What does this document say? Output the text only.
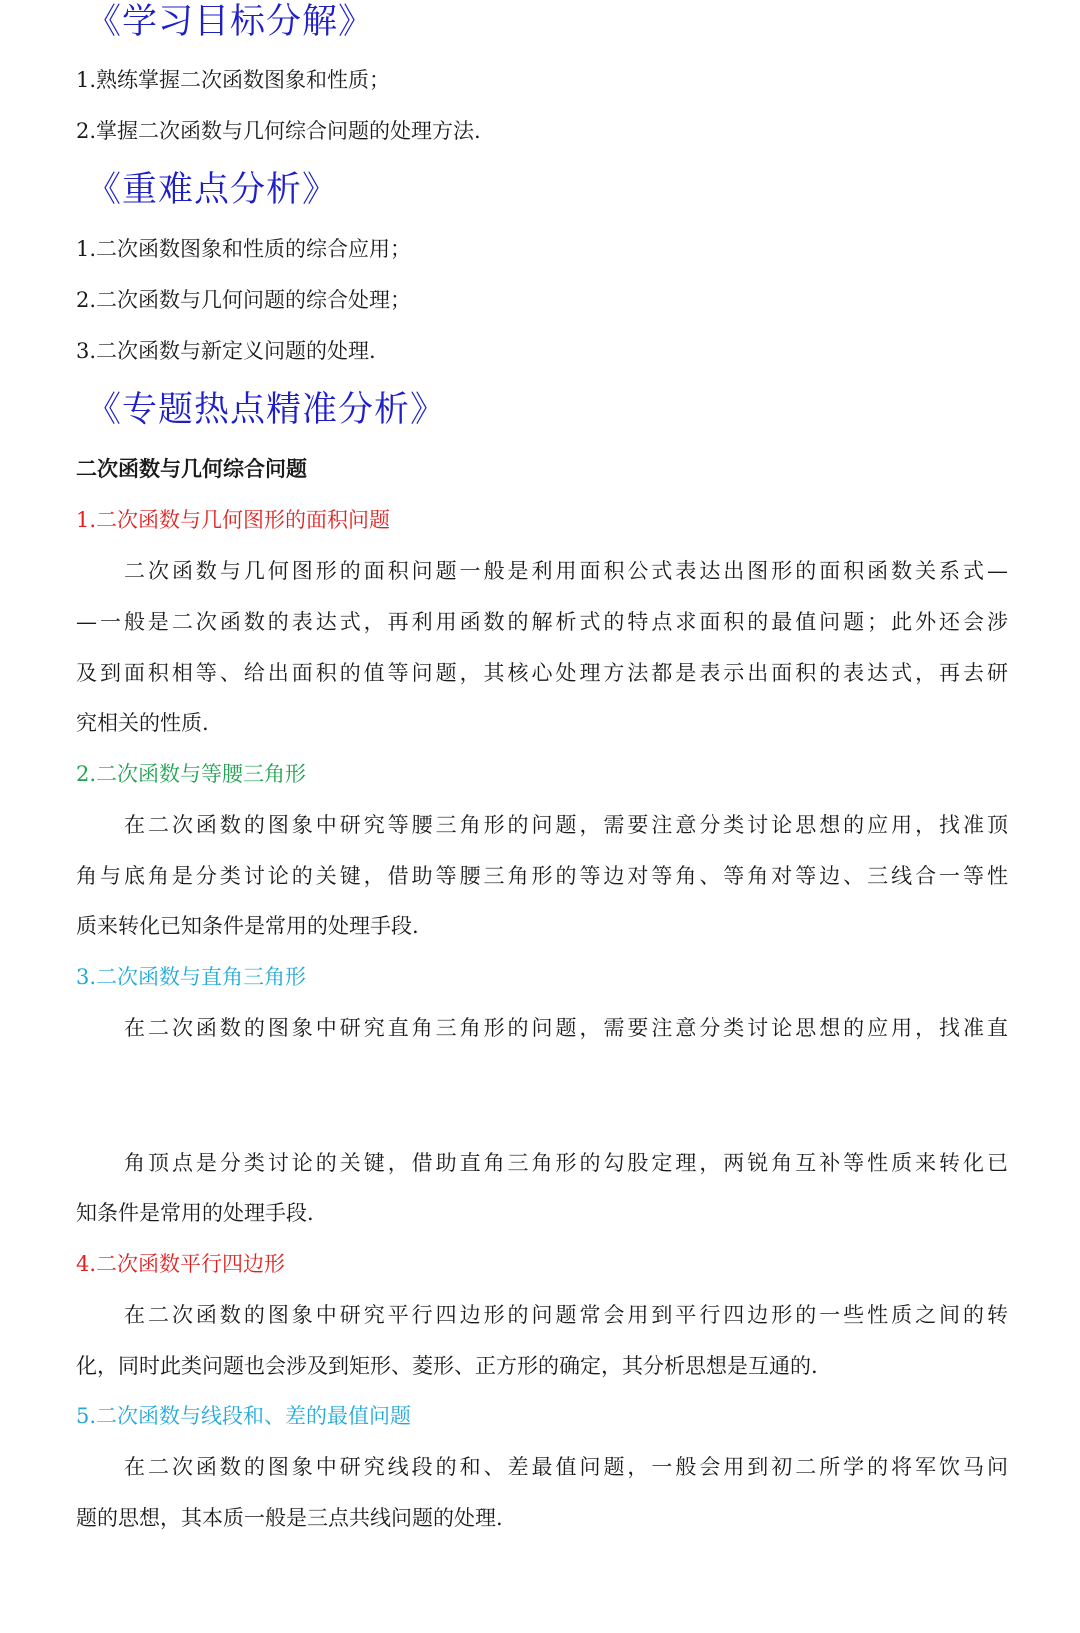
《学习目标分解》
1.熟练掌握二次函数图象和性质；
2.掌握二次函数与几何综合问题的处理方法.
《重难点分析》
1.二次函数图象和性质的综合应用；
2.二次函数与几何问题的综合处理；
3.二次函数与新定义问题的处理.
《专题热点精准分析》
二次函数与几何综合问题
1.二次函数与几何图形的面积问题
二次函数与几何图形的面积问题一般是利用面积公式表达出图形的面积函数关系式—
—一般是二次函数的表达式，再利用函数的解析式的特点求面积的最值问题；此外还会涉
及到面积相等、给出面积的值等问题，其核心处理方法都是表示出面积的表达式，再去研
究相关的性质.
2.二次函数与等腰三角形
在二次函数的图象中研究等腰三角形的问题，需要注意分类讨论思想的应用，找准顶
角与底角是分类讨论的关键，借助等腰三角形的等边对等角、等角对等边、三线合一等性
质来转化已知条件是常用的处理手段.
3.二次函数与直角三角形
在二次函数的图象中研究直角三角形的问题，需要注意分类讨论思想的应用，找准直
角顶点是分类讨论的关键，借助直角三角形的勾股定理，两锐角互补等性质来转化已
知条件是常用的处理手段.
4.二次函数平行四边形
在二次函数的图象中研究平行四边形的问题常会用到平行四边形的一些性质之间的转
化，同时此类问题也会涉及到矩形、菱形、正方形的确定，其分析思想是互通的.
5.二次函数与线段和、差的最值问题
在二次函数的图象中研究线段的和、差最值问题，一般会用到初二所学的将军饮马问
题的思想，其本质一般是三点共线问题的处理.
